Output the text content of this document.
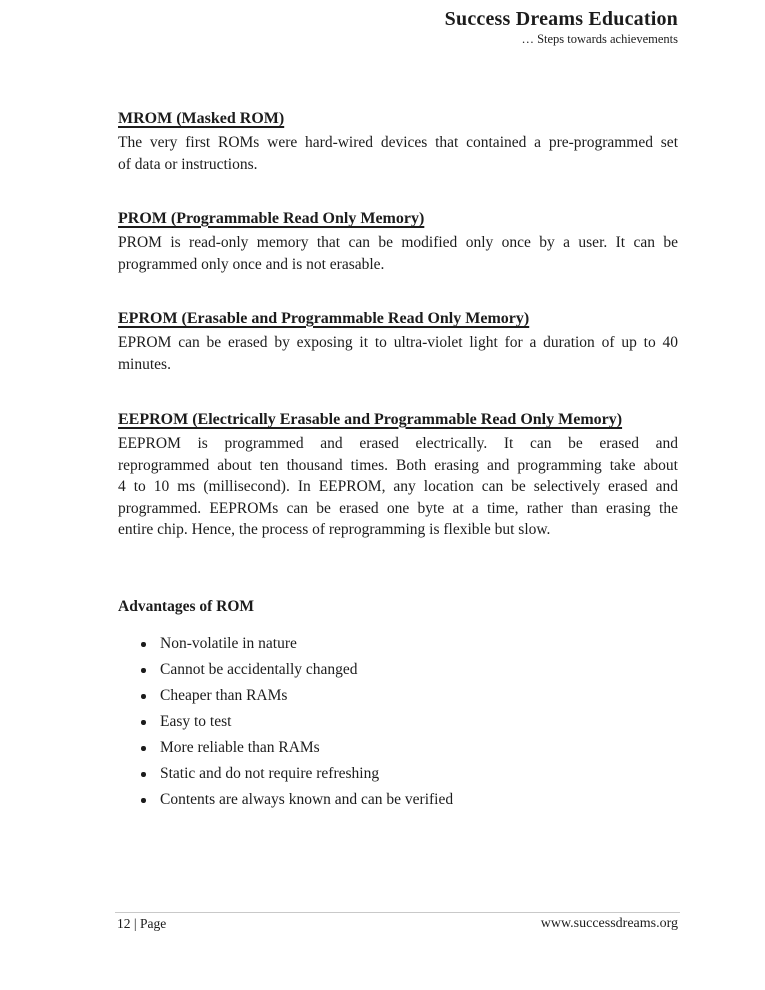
Success Dreams Education
… Steps towards achievements
MROM (Masked ROM)
The very first ROMs were hard-wired devices that contained a pre-programmed set
of data or instructions.
PROM (Programmable Read Only Memory)
PROM is read-only memory that can be modified only once by a user. It can be
programmed only once and is not erasable.
EPROM (Erasable and Programmable Read Only Memory)
EPROM can be erased by exposing it to ultra-violet light for a duration of up to 40
minutes.
EEPROM (Electrically Erasable and Programmable Read Only Memory)
EEPROM is programmed and erased electrically. It can be erased and
reprogrammed about ten thousand times. Both erasing and programming take about
4 to 10 ms (millisecond). In EEPROM, any location can be selectively erased and
programmed. EEPROMs can be erased one byte at a time, rather than erasing the
entire chip. Hence, the process of reprogramming is flexible but slow.
Advantages of ROM
Non-volatile in nature
Cannot be accidentally changed
Cheaper than RAMs
Easy to test
More reliable than RAMs
Static and do not require refreshing
Contents are always known and can be verified
12 | Page	www.successdreams.org
